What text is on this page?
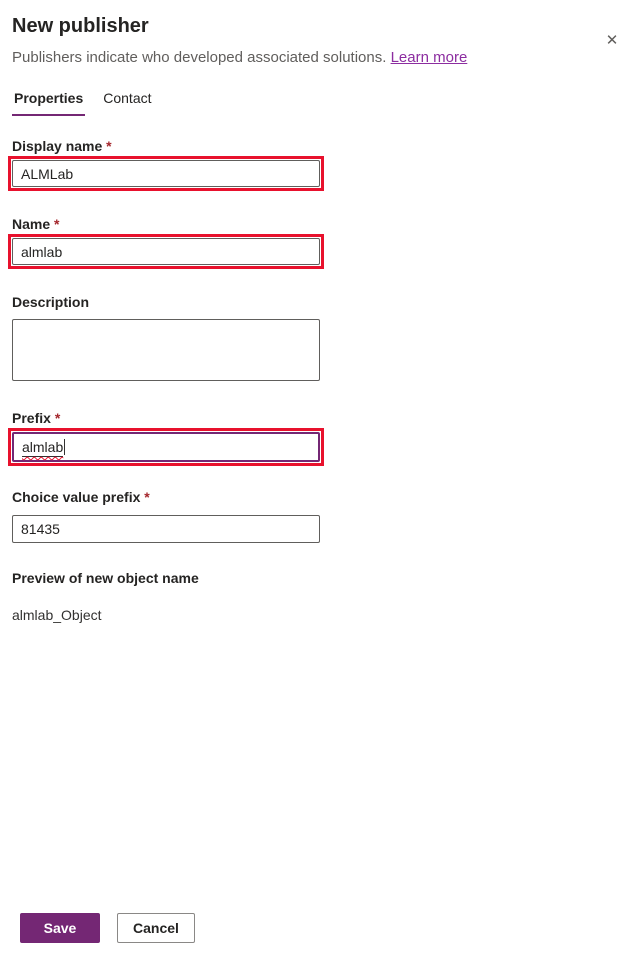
✕
New publisher

Publishers indicate who developed associated solutions. Learn more

Properties Contact
Display name *
ALMLab
Name *
almlab
Description
Prefix *
almlab
Choice value prefix *
81435
Preview of new object name
almlab_Object
Save	Cancel
